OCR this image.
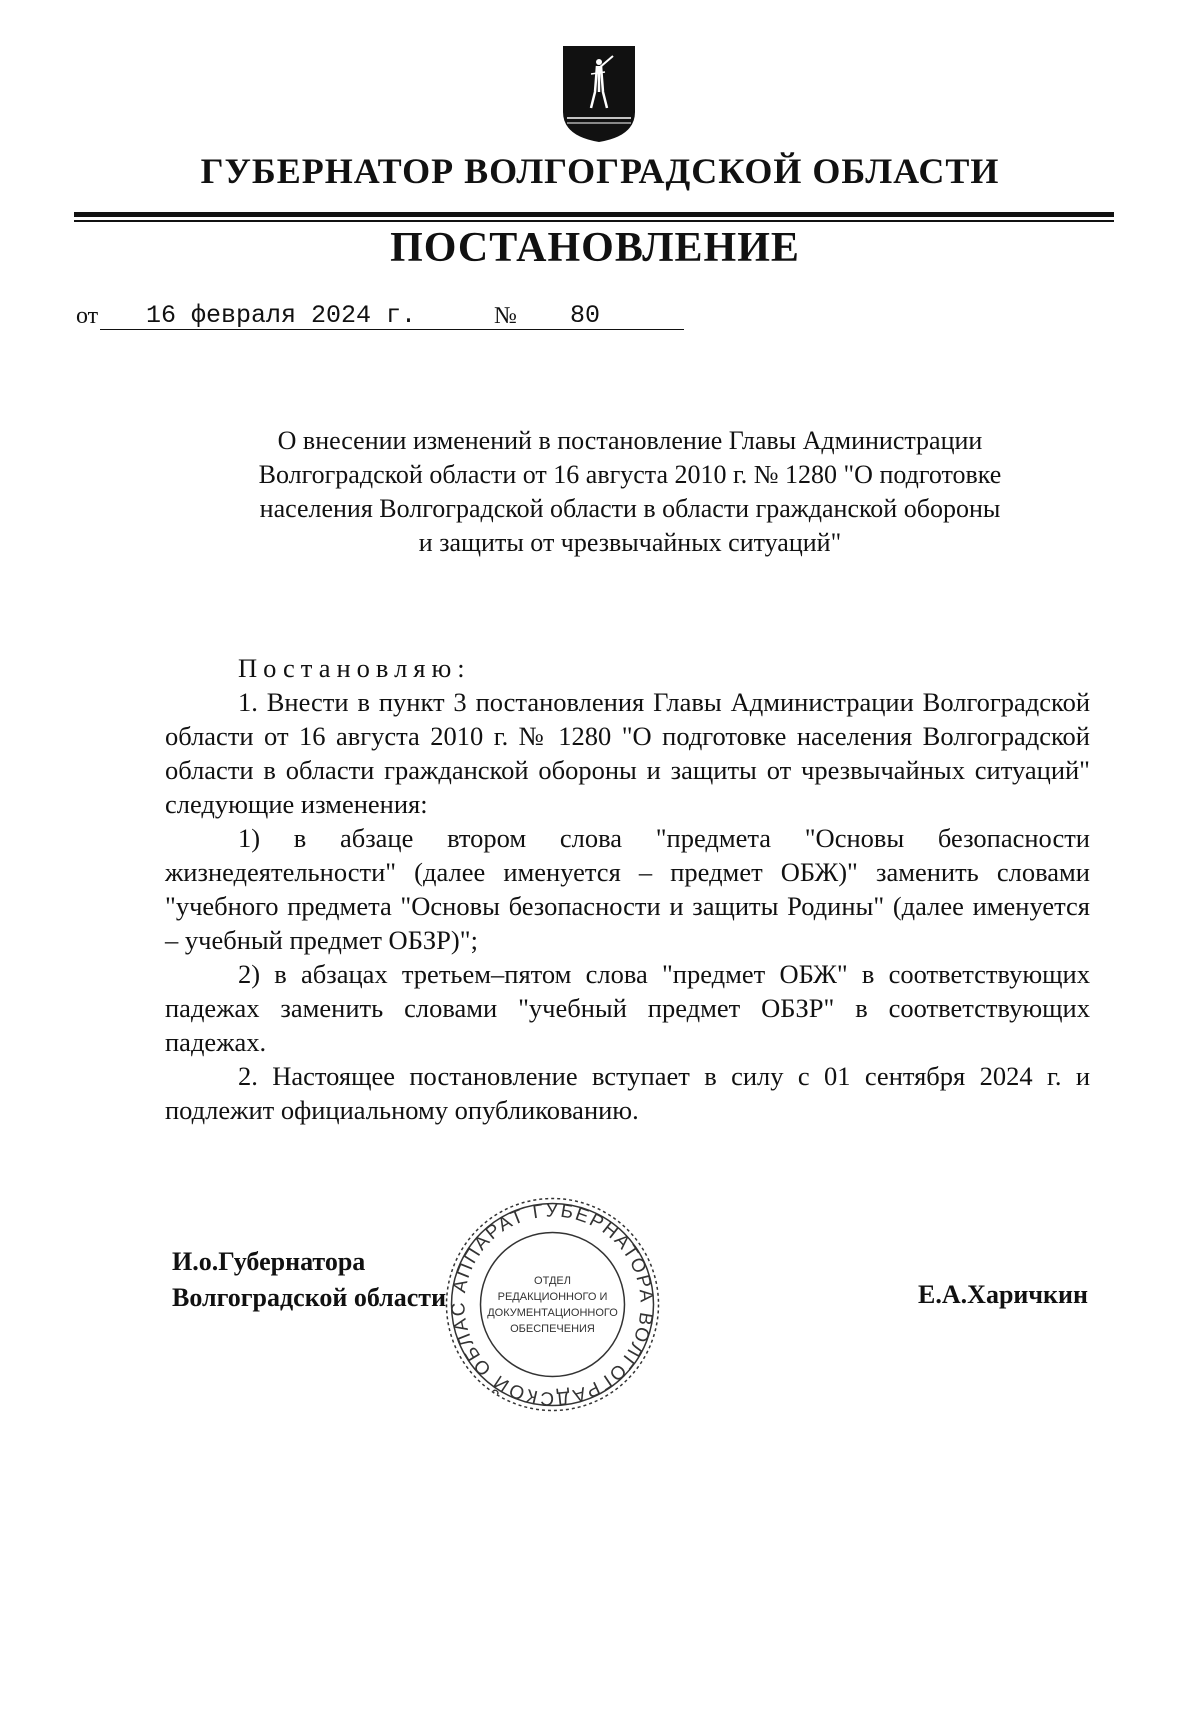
ГУБЕРНАТОР ВОЛГОГРАДСКОЙ ОБЛАСТИ
ПОСТАНОВЛЕНИЕ
от 16 февраля 2024 г.	№ 80
О внесении изменений в постановление Главы Администрации
Волгоградской области от 16 августа 2010 г. № 1280 "О подготовке
населения Волгоградской области в области гражданской обороны
и защиты от чрезвычайных ситуаций"

Постановляю:

1. Внести в пункт 3 постановления Главы Администрации Волгоградской области от 16 августа 2010 г. № 1280 "О подготовке населения Волгоградской области в области гражданской обороны и защиты от чрезвычайных ситуаций" следующие изменения:

1) в абзаце втором слова "предмета "Основы безопасности жизнедеятельности" (далее именуется – предмет ОБЖ)" заменить словами "учебного предмета "Основы безопасности и защиты Родины" (далее именуется – учебный предмет ОБЗР)";

2) в абзацах третьем–пятом слова "предмет ОБЖ" в соответствующих падежах заменить словами "учебный предмет ОБЗР" в соответствующих падежах.

2. Настоящее постановление вступает в силу с 01 сентября 2024 г. и подлежит официальному опубликованию.

И.о.Губернатора
Волгоградской области АППАРАТ ГУБЕРНАТОРА ВОЛГОГРАДСКОЙ ОБЛАС
ОТДЕЛ
РЕДАКЦИОННОГО И
ДОКУМЕНТАЦИОННОГО
ОБЕСПЕЧЕНИЯ
Е.А.Харичкин
